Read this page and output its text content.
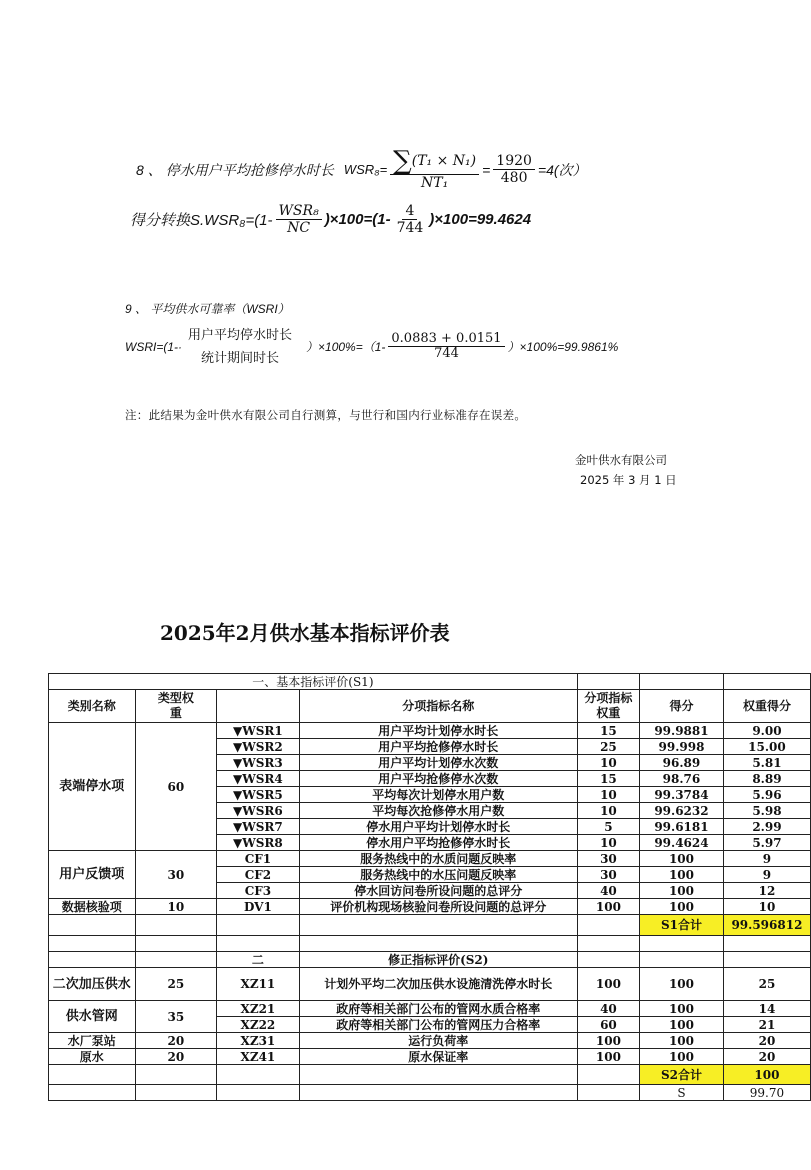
8 、 停水用户平均抢修停水时长 $WSR_8= \frac{\text{∑ (T₁ × N₁)}}{\text{NT₁}} = \frac{1920}{480} =4$(次）
得分转换$S.WSR_8=(1- \frac{\text{WSR₈}}{NC} )\times 100=(1- \frac{4}{744} )\times 100=99.4624$
9 、 平均供水可靠率（WSRI）
WSRI=(1-·
用户平均停水时长
统计期间时长
）$\times 100\%=(1- \frac{0.0883 + 0.0151}{744} )\times 100\%=99.9861\%$
注：此结果为金叶供水有限公司自行测算，与世行和国内行业标准存在误差。
金叶供水有限公司
2025 年 3 月 1 日
2025年2月供水基本指标评价表
一、基本指标评价(S1)						
类别名称	类型权重		分项指标名称	分项指标权重	得分	权重得分
表端停水项	60	▼WSR1	用户平均计划停水时长	15	99.9881	9.00
		▼WSR2	用户平均抢修停水时长	25	99.998	15.00
		▼WSR3	用户平均计划停水次数	10	96.89	5.81
		▼WSR4	用户平均抢修停水次数	15	98.76	8.89
		▼WSR5	平均每次计划停水用户数	10	99.3784	5.96
		▼WSR6	平均每次抢修停水用户数	10	99.6232	5.98
		▼WSR7	停水用户平均计划停水时长	5	99.6181	2.99
		▼WSR8	停水用户平均抢修停水时长	10	99.4624	5.97
用户反馈项	30	CF1	服务热线中的水质问题反映率	30	100	9
		CF2	服务热线中的水压问题反映率	30	100	9
		CF3	停水回访问卷所设问题的总评分	40	100	12
数据核验项	10	DV1	评价机构现场核验问卷所设问题的总评分	100	100	10
					S1合计	99.596812

		二	修正指标评价(S2)			
二次加压供水	25	XZ11	计划外平均二次加压供水设施清洗停水时长	100	100	25
供水管网	35	XZ21	政府等相关部门公布的管网水质合格率	40	100	14
		XZ22	政府等相关部门公布的管网压力合格率	60	100	21
水厂泵站	20	XZ31	运行负荷率	100	100	20
原水	20	XZ41	原水保证率	100	100	20
					S2合计	100
					S	99.70
